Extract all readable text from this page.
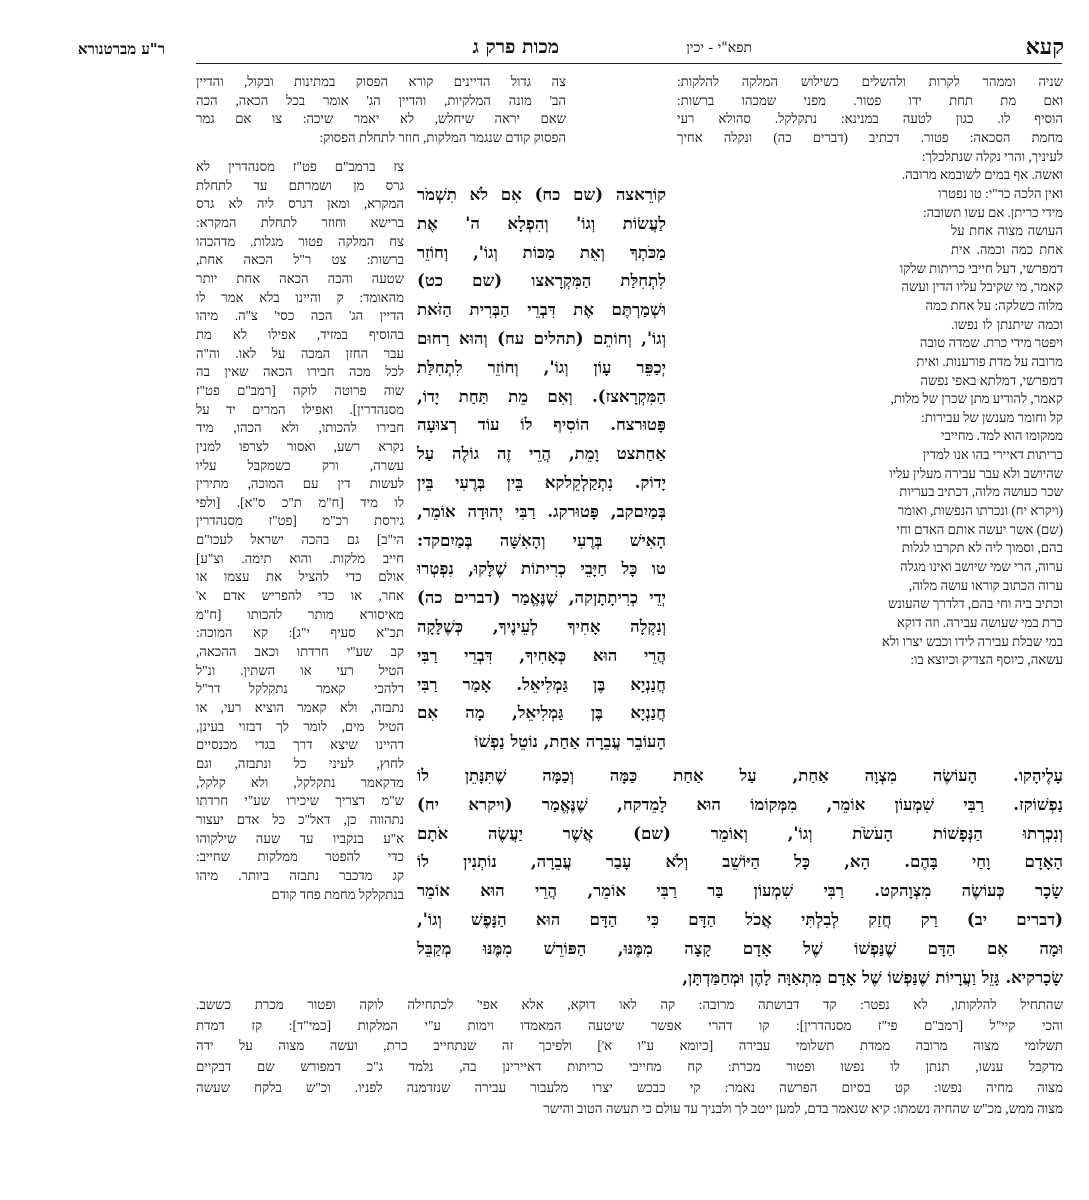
קעא
תפא"י - יכין
מכות פרק ג
ר"ע מברטנורא

שניה וממהר לקרות ולהשלים כשילוש המלקה להלקות:

ואם מת תחת ידו פטור. מפני שמכהו ברשות:

הוסיף לו. כגון לטעה במנינא: נתקלקל. סהולא רעי

מחמת הסכאה: פטור. דכתיב (דברים כה) ונקלה אחיך

לעיניך, והרי נקלה שנתלכלך:

ואשה. אף במים לשובמא מרובה.

ואין הלכה כר"י: טו נפטרו

מידי כריתן. אם עשו תשובה:

העושה מצוה אחת על

אחת כמה וכמה. אית

דמפרשי, דעל חייבי כריתות שלקו

קאמר, מי שקיבל עליו הדין ועשה

מלוה כשלקה: על אחת כמה

וכמה שיתנתן לו נפשו.

ויפטר מידי כרת. שמדה טובה

מרובה על מדת פורענות. ואית

דמפרשי, דמלתא באפי נפשה

קאמר, להודיע מתן שכרן של מלות,

קל וחומר מענשן של עבירות:

ממקומו הוא למד. מחייבי

כריתות דאיירי בהו אנו למדין

שהיושב ולא עבר עבירה מעלין עליו

שכר כעושה מלוה, דכתיב בעריות

(ויקרא יח) ונכרתו הנפשות, ואומר

(שם) אשר יעשה אותם האדם וחי

בהם, וסמוך ליה לא תקרבו לגלות

ערוה, הרי שמי שיושב ואינו מגלה

ערוה הכתוב קוראו עושה מלוה,

וכתיב ביה וחי בהם, דלדרך שהעונש

כרת במי שעושה עבירה. וזה דוקא

במי שבלת עבירה לידו וכבש יצרו ולא

עשאה, כיוסף הצדיק וכיוצא בו:

צה גדול הדיינים קורא הפסוק במתינות ובקול, והדיין

הב' מונה המלקיות, והדיין הג' אומר בכל הכאה, הכה

שאם יראה שיחלש, לא יאמר שיכה: צו אם גמר

הפסוק קודם שנגמר המלקות, חוזר לתחלת הפסוק:

צז ברמב"ם פט"ז מסנהדרין לא

גרס מן ושמרתם עד לתחלת

המקרא, ומאן דגרס ליה לא גרס

ברישא וחוזר לתחלת המקרא:

צח המלקה פטור מגלות. מדהכהו

ברשות: צט ר"ל הכאה אחת,

שטעה והכה הכאה אחת יותר

מהאומד: ק והיינו בלא אמר לו

הדיין הג' הכה כסי' צ"ה. מיהו

בהוסיף במזיד, אפילו לא מת

עבר החזן המכה על לאו. וה"ה

לכל מכה חבירו הכאה שאין בה

שוה פרוטה לוקה [רמב"ם פט"ז

מסנהדרין]. ואפילו המרים יד על

חבירו להכותו, ולא הכהו, מיד

נקרא רשע, ואסור לצרפו למנין

עשרה, ורק כשמקבל עליו

לעשות דין עם המוכה, מתירין

לו מיד [ח"מ ת"כ ס"א]. [ולפי

גירסת רכ"מ [פט"ז מסנהדרין

הי"ב] גם בהכה ישראל לעכו"ם

חייב מלקות. והוא תימה. וצ"ע]

אולם כדי להציל את עצמו או

אחר, או כדי להפריש אדם א'

מאיסורא מותר להכותו [ח"מ

תכ"א סעיף י"ג]: קא המוכה:

קב שע"י חרדתו וכאב ההכאה,

הטיל רעי או השתין. ונ"ל

דלהכי קאמר נתקלקל דר"ל

נתבזה, ולא קאמר הוציא רעי, או

הטיל מים, לומר לך דבזוי בעינן,

דהיינו שיצא דרך בגדי מכנסיים

לחוץ, לעיני כל ונתבזה, וגם

מדקאמר נתקלקל, ולא קלקל,

ש"מ דצריך שיכירו שע"י חרדתו

נתהווה כן, דאל"כ כל אדם יעצור

א"ע בנקביו עד שעה שילקוהו

כדי להפטר ממלקות שחייב:

קג מדכבר נתבזה ביותר. מיהו

בנתקלקל מחמת פחד קודם

קוֹרֵאצה (שם כח) אִם לֹא תִשְׁמֹר

לַעֲשׂוֹת וְגוֹ' וְהִפְלָא ה' אֶת

מַכֹּתְךָ וְאֵת מַכּוֹת וְגוֹ', וְחוֹזֵר

לִתְחִלַּת הַמִּקְרָאצו (שם כט)

וּשְׁמַרְתֶּם אֶת דִּבְרֵי הַבְּרִית הַזֹּאת

וְגוֹ', וְחוֹתֵם (תהלים עח) וְהוּא רַחוּם

יְכַפֵּר עָוֹן וְגוֹ', וְחוֹזֵר לִתְחִלַּת

הַמִּקְרָאצז). וְאִם מֵת תַּחַת יָדוֹ,

פָּטוּרצח. הוֹסִיף לוֹ עוֹד רְצוּעָה

אַחַתצט וָמֵת, הֲרֵי זֶה גוֹלֶה עַל

יָדוֹק. נִתְקַלְקֵלקא בֵּין בְּרֶעִי בֵּין

בְּמַיִםקב, פָּטוּרקג. רַבִּי יְהוּדָה אוֹמֵר,

הָאִישׁ בְּרֶעִי וְהָאִשָּׁה בְּמַיִםקד:

טו כָּל חַיָּבֵי כְרִיתוֹת שֶׁלָּקוּ, נִפְטְרוּ

יְדֵי כְרִיתָתָןקה, שֶׁנֶּאֱמַר (דברים כה)

וְנִקְלָה אָחִיךָ לְעֵינֶיךָ, כְּשֶׁלָּקָה

הֲרֵי הוּא כְּאָחִיךָ, דִּבְרֵי רַבִּי

חֲנַנְיָא בֶּן גַּמְלִיאֵל. אָמַר רַבִּי

חֲנַנְיָא בֶּן גַּמְלִיאֵל, מָה אִם

הָעוֹבֵר עֲבֵרָה אַחַת, נוֹטֵל נַפְשׁוֹ

עָלֶיהָקו. הָעוֹשֶׂה מִצְוָה אַחַת, עַל אַחַת כַּמָּה וְכַמָּה שֶׁתִּנָּתֵן לוֹ

נַפְשׁוֹקז. רַבִּי שִׁמְעוֹן אוֹמֵר, מִמְּקוֹמוֹ הוּא לָמֵדקח, שֶׁנֶּאֱמַר (ויקרא יח)

וְנִכְרְתוּ הַנְּפָשׁוֹת הָעֹשֹׂת וְגוֹ', וְאוֹמֵר (שם) אֲשֶׁר יַעֲשֶׂה אֹתָם

הָאָדָם וָחַי בָּהֶם. הָא, כָּל הַיּוֹשֵׁב וְלֹא עָבַר עֲבֵרָה, נוֹתְנִין לוֹ

שָׂכָר כְּעוֹשֶׂה מִצְוָהקט. רַבִּי שִׁמְעוֹן בַּר רַבִּי אוֹמֵר, הֲרֵי הוּא אוֹמֵר

(דברים יב) רַק חֲזַק לְבִלְתִּי אֲכֹל הַדָּם כִּי הַדָּם הוּא הַנָּפֶשׁ וְגוֹ',

וּמָה אִם הַדָּם שֶׁנַּפְשׁוֹ שֶׁל אָדָם קָצָה מִמֶּנּוּ, הַפּוֹרֵשׁ מִמֶּנּוּ מְקַבֵּל

שָׂכָרקיא. גָּזֵל וַעֲרָיוֹת שֶׁנַּפְשׁוֹ שֶׁל אָדָם מִתְאַוָּה לָהֶן וּמְחַמַּדְתָּן,

שהתחיל להלקותו, לא נפטר: קד דבושתה מרובה: קה לאו דוקא, אלא אפי' לכתחילה לוקה ופטור מכרת כששב.

והכי קיי"ל [רמב"ם פי"ז מסנהדרין]: קו דהרי אפשר שיטעה המאמדו וימות ע"י המלקות [כמי"ד]: קז דמדת

תשלומי מצוה מרובה ממדת תשלומי עבירה [כיומא ע"ו א'] ולפיכך זה שנתחייב כרת, ועשה מצוה על ידה

מדקבל ענשו, תנתן לו נפשו ופטור מכרת: קח מחייבי כריתות דאיירינן בה, נלמד ג"כ דמפורש שם דבקיים

מצוה מחיה נפשו: קט בסיום הפרשה נאמר: קי כבכש יצרו מלעבור עבירה שנזדמנה לפניו. וכ"ש בלקח שעשה

מצוה ממש, מכ"ש שהחיה נשמתו: קיא שנאמר בדם, למען ייטב לך ולבניך עד עולם כי תעשה הטוב והישר
